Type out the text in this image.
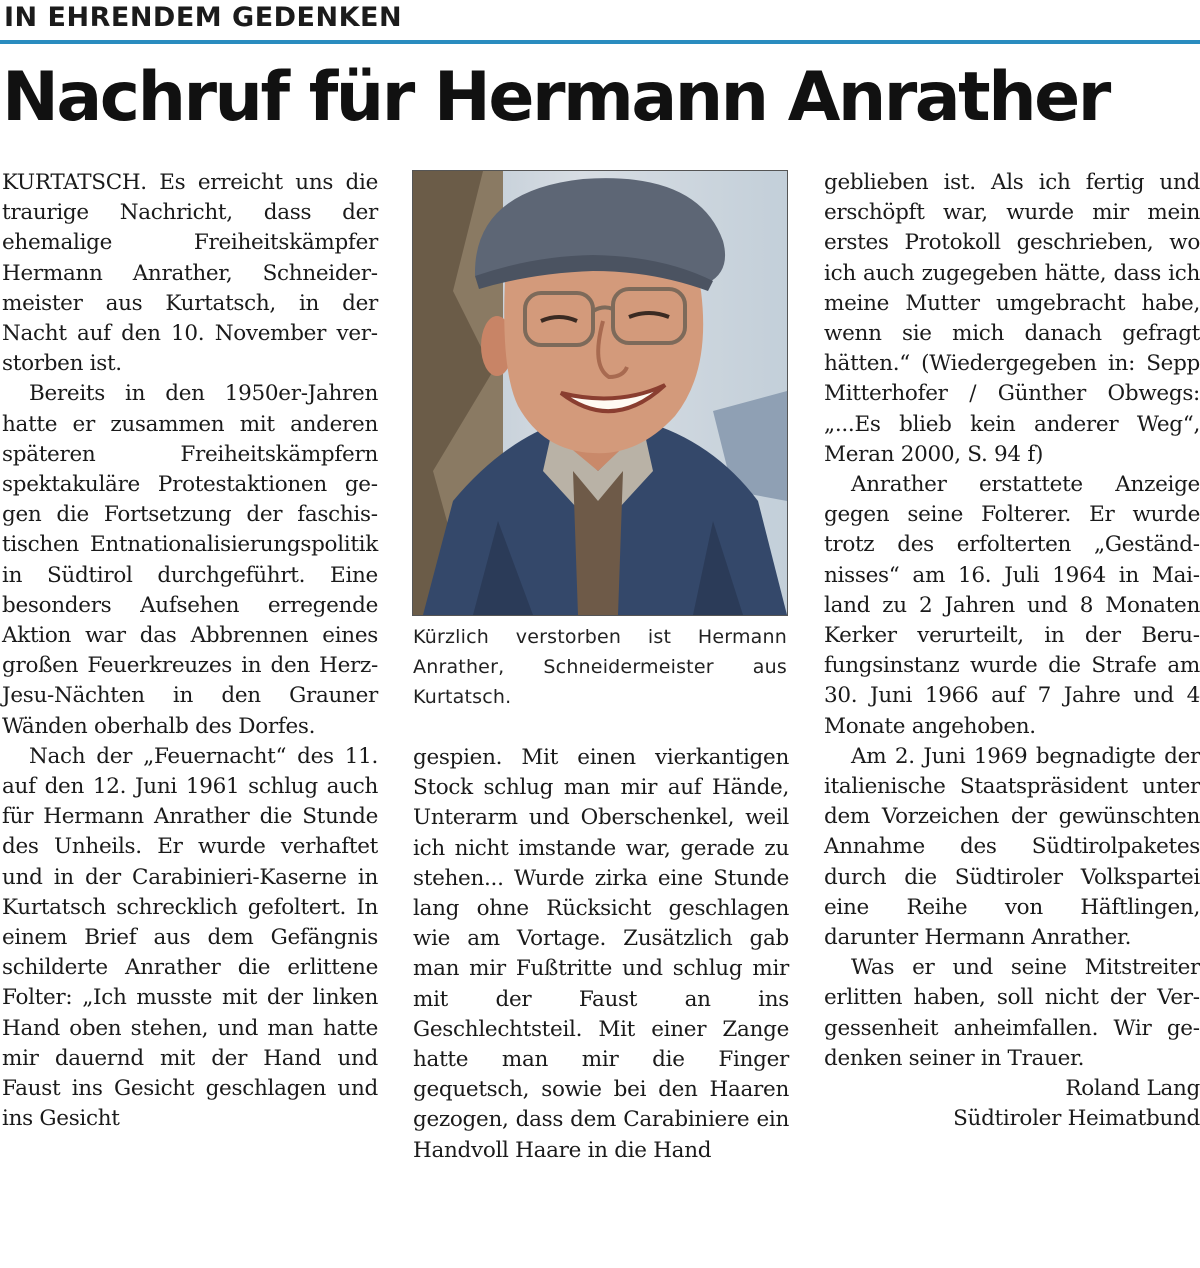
IN EHRENDEM GEDENKEN
Nachruf für Hermann Anrather

KURTATSCH. Es erreicht uns die traurige Nachricht, dass der ehemalige Freiheitskämpfer Hermann Anrather, Schneidermeister aus Kurtatsch, in der Nacht auf den 10. November verstorben ist.

Bereits in den 1950er-Jahren hatte er zusammen mit anderen späteren Freiheitskämpfern spektakuläre Protestaktionen gegen die Fortsetzung der faschistischen Entnationalisierungspolitik in Südtirol durchgeführt. Eine besonders Aufsehen erregende Aktion war das Abbrennen eines großen Feuerkreuzes in den Herz-Jesu-Nächten in den Grauner Wänden oberhalb des Dorfes.

Nach der „Feuernacht“ des 11. auf den 12. Juni 1961 schlug auch für Hermann Anrather die Stunde des Unheils. Er wurde verhaftet und in der Carabinieri-Kaserne in Kurtatsch schrecklich gefoltert. In einem Brief aus dem Gefängnis schilderte Anrather die erlittene Folter: „Ich musste mit der linken Hand oben stehen, und man hatte mir dauernd mit der Hand und Faust ins Gesicht geschlagen und ins Gesicht

Kürzlich verstorben ist Hermann Anrather, Schneidermeister aus Kurtatsch.

gespien. Mit einen vierkantigen Stock schlug man mir auf Hände, Unterarm und Oberschenkel, weil ich nicht imstande war, gerade zu stehen... Wurde zirka eine Stunde lang ohne Rücksicht geschlagen wie am Vortage. Zusätzlich gab man mir Fußtritte und schlug mir mit der Faust an ins Geschlechtsteil. Mit einer Zange hatte man mir die Finger gequetsch, sowie bei den Haaren gezogen, dass dem Carabiniere ein Handvoll Haare in die Hand

geblieben ist. Als ich fertig und erschöpft war, wurde mir mein erstes Protokoll geschrieben, wo ich auch zugegeben hätte, dass ich meine Mutter umgebracht habe, wenn sie mich danach gefragt hätten.“ (Wiedergegeben in: Sepp Mitterhofer / Günther Obwegs: „...Es blieb kein anderer Weg“, Meran 2000, S. 94 f)

Anrather erstattete Anzeige gegen seine Folterer. Er wurde trotz des erfolterten „Geständnisses“ am 16. Juli 1964 in Mailand zu 2 Jahren und 8 Monaten Kerker verurteilt, in der Berufungsinstanz wurde die Strafe am 30. Juni 1966 auf 7 Jahre und 4 Monate angehoben.

Am 2. Juni 1969 begnadigte der italienische Staatspräsident unter dem Vorzeichen der gewünschten Annahme des Südtirolpaketes durch die Südtiroler Volkspartei eine Reihe von Häftlingen, darunter Hermann Anrather.

Was er und seine Mitstreiter erlitten haben, soll nicht der Vergessenheit anheimfallen. Wir gedenken seiner in Trauer.

Roland Lang

Südtiroler Heimatbund
